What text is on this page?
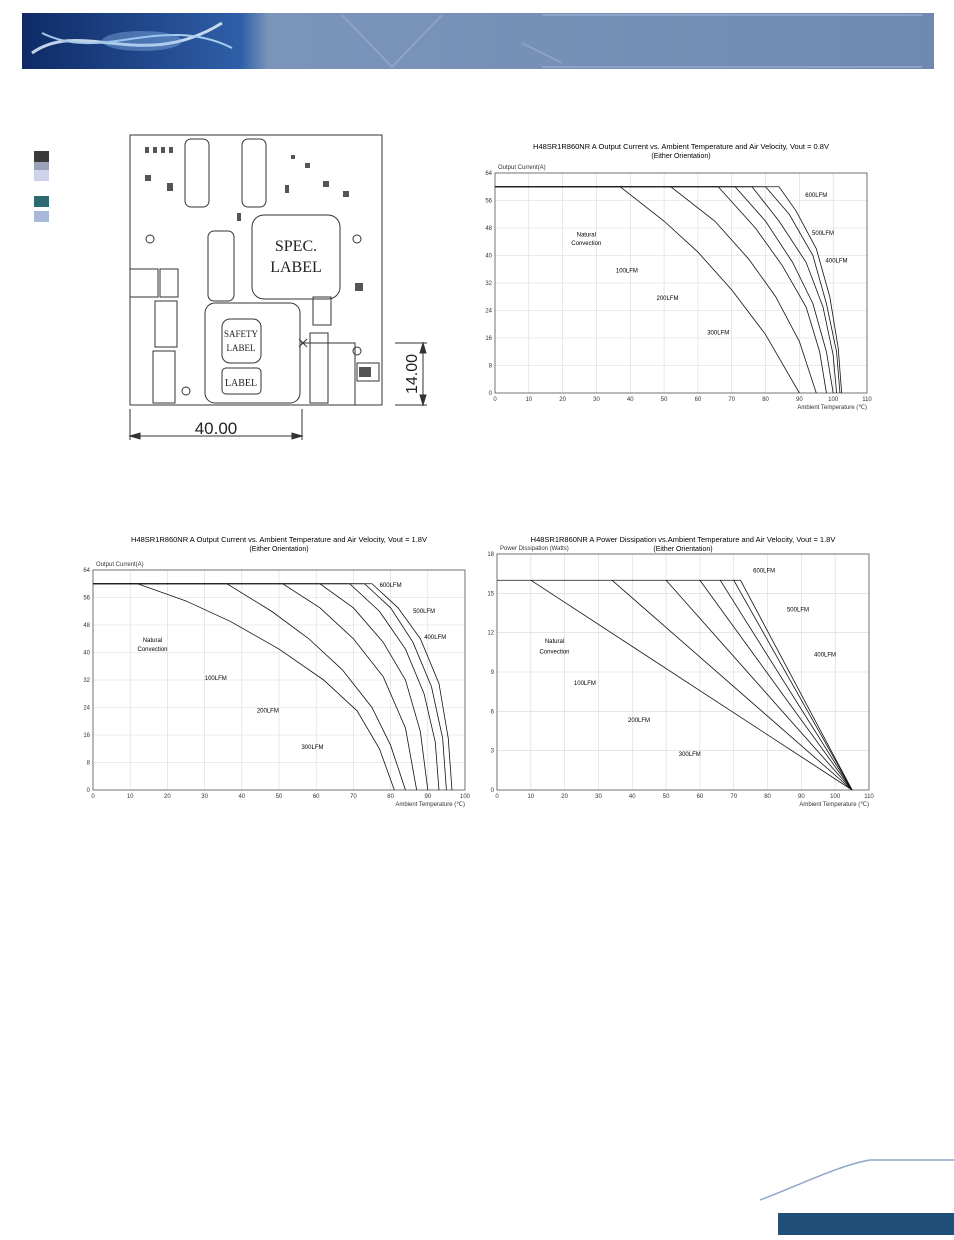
SPEC.
LABEL
SAFETY
LABEL
LABEL
40.00
14.00
H48SR1R860NR A Output Current vs. Ambient Temperature and Air Velocity, Vout = 0.8V
(Either Orientation)
Output Current(A)
Ambient Temperature (℃)
0	10	20	30	40	50	60	70	80	90	100	110
0
8
16
24
32
40
48
56
64
Natural
Convection
600LFM
500LFM
400LFM
100LFM
200LFM
300LFM
H48SR1R860NR A Output Current vs. Ambient Temperature and Air Velocity, Vout = 1.8V
(Either Orientation)
Output Current(A)
Ambient Temperature (℃)
0	10	20	30	40	50	60	70	80	90	100
0
8
16
24
32
40
48
56
64
Natural
Convection
600LFM
500LFM
400LFM
100LFM
200LFM
300LFM
H48SR1R860NR A Power Dissipation vs.Ambient Temperature and Air Velocity, Vout = 1.8V
(Either Orientation)
Power Dissipation (Watts)
Ambient Temperature (℃)
0	10	20	30	40	50	60	70	80	90	100	110
0
3
6
9
12
15
18
Natural
Convection
600LFM
500LFM
400LFM
100LFM
200LFM
300LFM
